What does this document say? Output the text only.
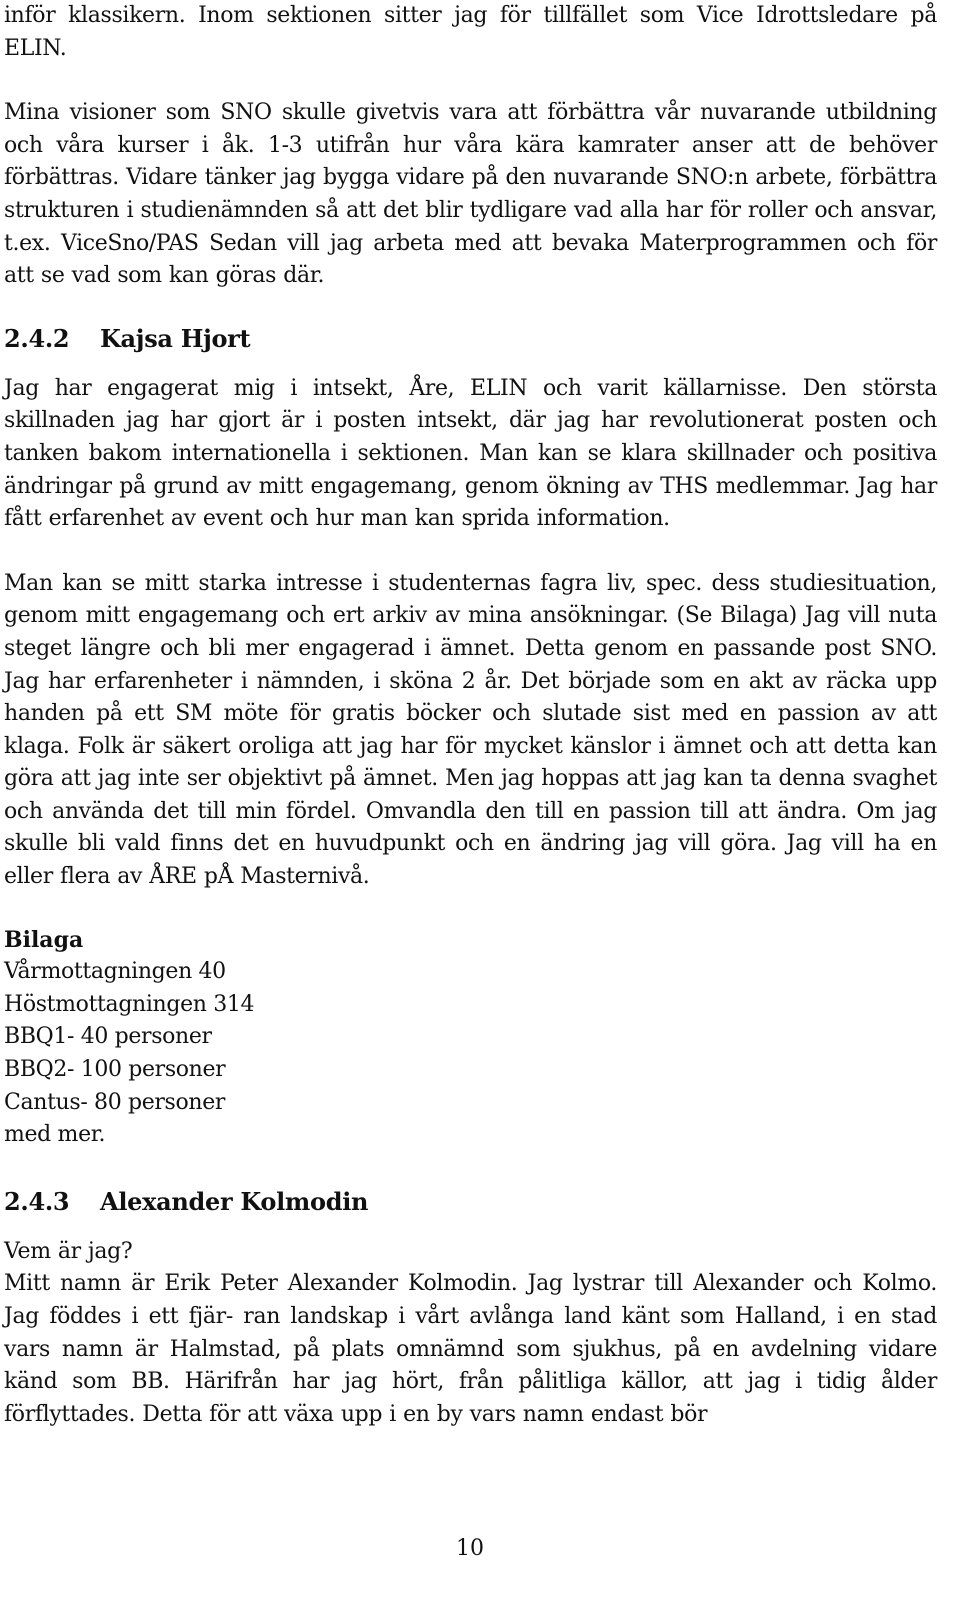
inför klassikern. Inom sektionen sitter jag för tillfället som Vice Idrottsledare på ELIN.

Mina visioner som SNO skulle givetvis vara att förbättra vår nuvarande utbildning och våra kurser i åk. 1-3 utifrån hur våra kära kamrater anser att de behöver förbättras. Vidare tänker jag bygga vidare på den nuvarande SNO:n arbete, förbättra strukturen i studienämnden så att det blir tydligare vad alla har för roller och ansvar, t.ex. ViceSno/PAS Sedan vill jag arbeta med att bevaka Materprogrammen och för att se vad som kan göras där.

2.4.2 Kajsa Hjort

Jag har engagerat mig i intsekt, Åre, ELIN och varit källarnisse. Den största skillnaden jag har gjort är i posten intsekt, där jag har revolutionerat posten och tanken bakom internationella i sektionen. Man kan se klara skillnader och positiva ändringar på grund av mitt engagemang, genom ökning av THS medlemmar. Jag har fått erfarenhet av event och hur man kan sprida information.

Man kan se mitt starka intresse i studenternas fagra liv, spec. dess studiesituation, genom mitt engagemang och ert arkiv av mina ansökningar. (Se Bilaga) Jag vill nuta steget längre och bli mer engagerad i ämnet. Detta genom en passande post SNO. Jag har erfarenheter i nämnden, i sköna 2 år. Det började som en akt av räcka upp handen på ett SM möte för gratis böcker och slutade sist med en passion av att klaga. Folk är säkert oroliga att jag har för mycket känslor i ämnet och att detta kan göra att jag inte ser objektivt på ämnet. Men jag hoppas att jag kan ta denna svaghet och använda det till min fördel. Omvandla den till en passion till att ändra. Om jag skulle bli vald finns det en huvudpunkt och en ändring jag vill göra. Jag vill ha en eller flera av ÅRE pÅ Masternivå.

Bilaga

Vårmottagningen 40

Höstmottagningen 314

BBQ1- 40 personer

BBQ2- 100 personer

Cantus- 80 personer

med mer.

2.4.3 Alexander Kolmodin

Vem är jag?

Mitt namn är Erik Peter Alexander Kolmodin. Jag lystrar till Alexander och Kolmo. Jag föddes i ett fjär- ran landskap i vårt avlånga land känt som Halland, i en stad vars namn är Halmstad, på plats omnämnd som sjukhus, på en avdelning vidare känd som BB. Härifrån har jag hört, från pålitliga källor, att jag i tidig ålder förflyttades. Detta för att växa upp i en by vars namn endast bör

10
